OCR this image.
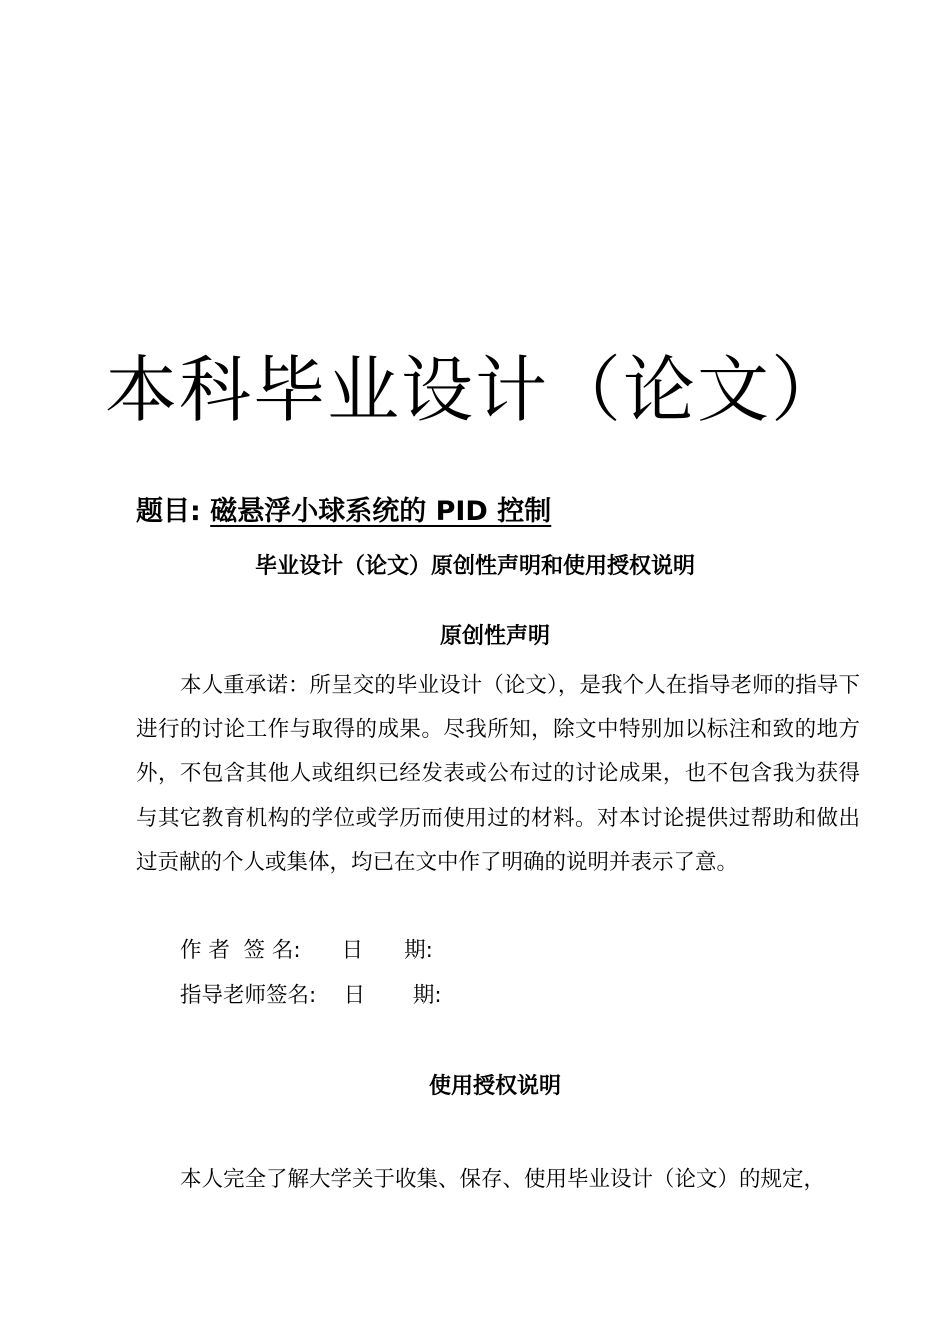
本科毕业设计（论文）
题目: 磁悬浮小球系统的 PID 控制
毕业设计（论文）原创性声明和使用授权说明
原创性声明

本人重承诺：所呈交的毕业设计（论文），是我个人在指导老师的指导下进行的讨论工作与取得的成果。尽我所知，除文中特别加以标注和致的地方外，不包含其他人或组织已经发表或公布过的讨论成果，也不包含我为获得与其它教育机构的学位或学历而使用过的材料。对本讨论提供过帮助和做出过贡献的个人或集体，均已在文中作了明确的说明并表示了意。

作 者  签 名:      日      期:
指导老师签名:    日       期:
使用授权说明

本人完全了解大学关于收集、保存、使用毕业设计（论文）的规定，
